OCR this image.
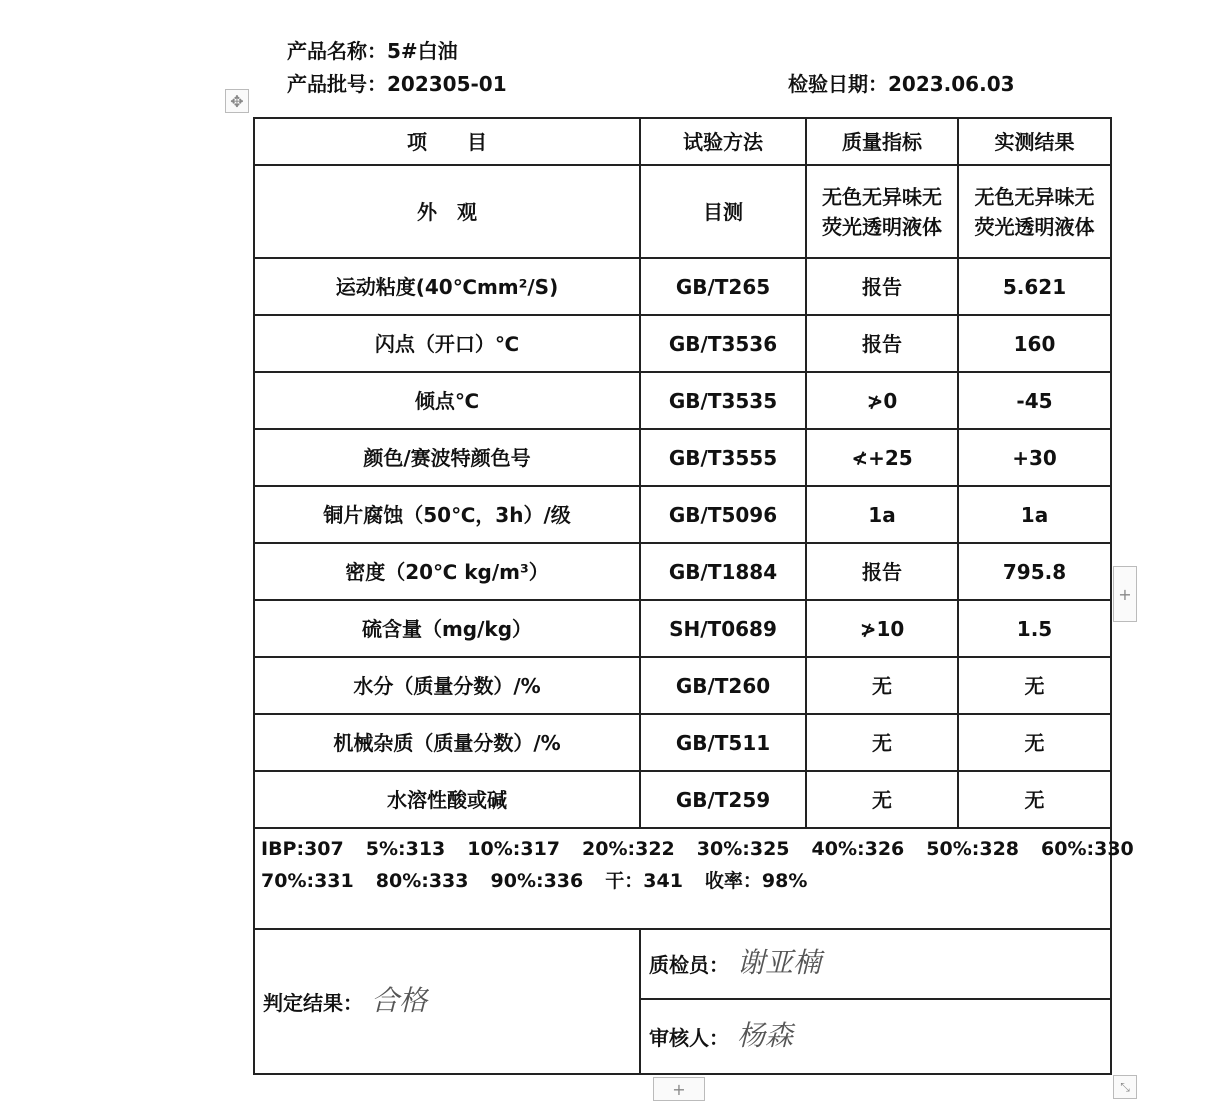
产品名称：5#白油
产品批号：202305-01	检验日期：2023.06.03
✥
项　　目	试验方法	质量指标	实测结果
外　观	目测	无色无异味无荧光透明液体	无色无异味无荧光透明液体
运动粘度(40℃mm²/S)	GB/T265	报告	5.621
闪点（开口）℃	GB/T3536	报告	160
倾点℃	GB/T3535	≯0	-45
颜色/赛波特颜色号	GB/T3555	≮+25	+30
铜片腐蚀（50℃，3h）/级	GB/T5096	1a	1a
密度（20℃ kg/m³）	GB/T1884	报告	795.8
硫含量（mg/kg）	SH/T0689	≯10	1.5
水分（质量分数）/%	GB/T260	无	无
机械杂质（质量分数）/%	GB/T511	无	无
水溶性酸或碱	GB/T259	无	无
IBP:307 5%:313 10%:317 20%:322 30%:325 40%:326 50%:328 60%:330
70%:331 80%:333 90%:336 干：341 收率：98%			
判定结果： 合格	质检员： 谢亚楠		
	审核人： 杨森		
+
+	⤡
